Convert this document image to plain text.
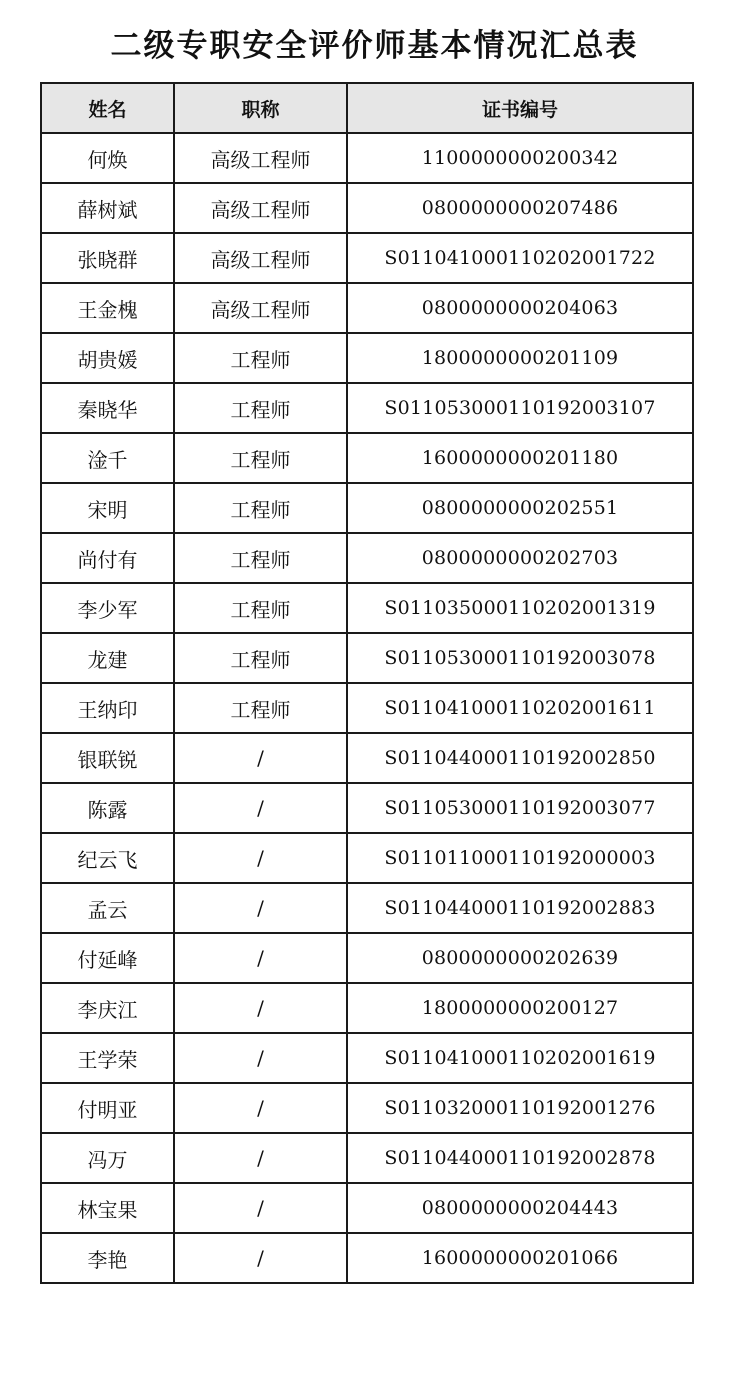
二级专职安全评价师基本情况汇总表
姓名	职称	证书编号
何焕	高级工程师	1100000000200342
薛树斌	高级工程师	0800000000207486
张晓群	高级工程师	S011041000110202001722
王金槐	高级工程师	0800000000204063
胡贵媛	工程师	1800000000201109
秦晓华	工程师	S011053000110192003107
淦千	工程师	1600000000201180
宋明	工程师	0800000000202551
尚付有	工程师	0800000000202703
李少军	工程师	S011035000110202001319
龙建	工程师	S011053000110192003078
王纳印	工程师	S011041000110202001611
银联锐	/	S011044000110192002850
陈露	/	S011053000110192003077
纪云飞	/	S011011000110192000003
孟云	/	S011044000110192002883
付延峰	/	0800000000202639
李庆江	/	1800000000200127
王学荣	/	S011041000110202001619
付明亚	/	S011032000110192001276
冯万	/	S011044000110192002878
林宝果	/	0800000000204443
李艳	/	1600000000201066
